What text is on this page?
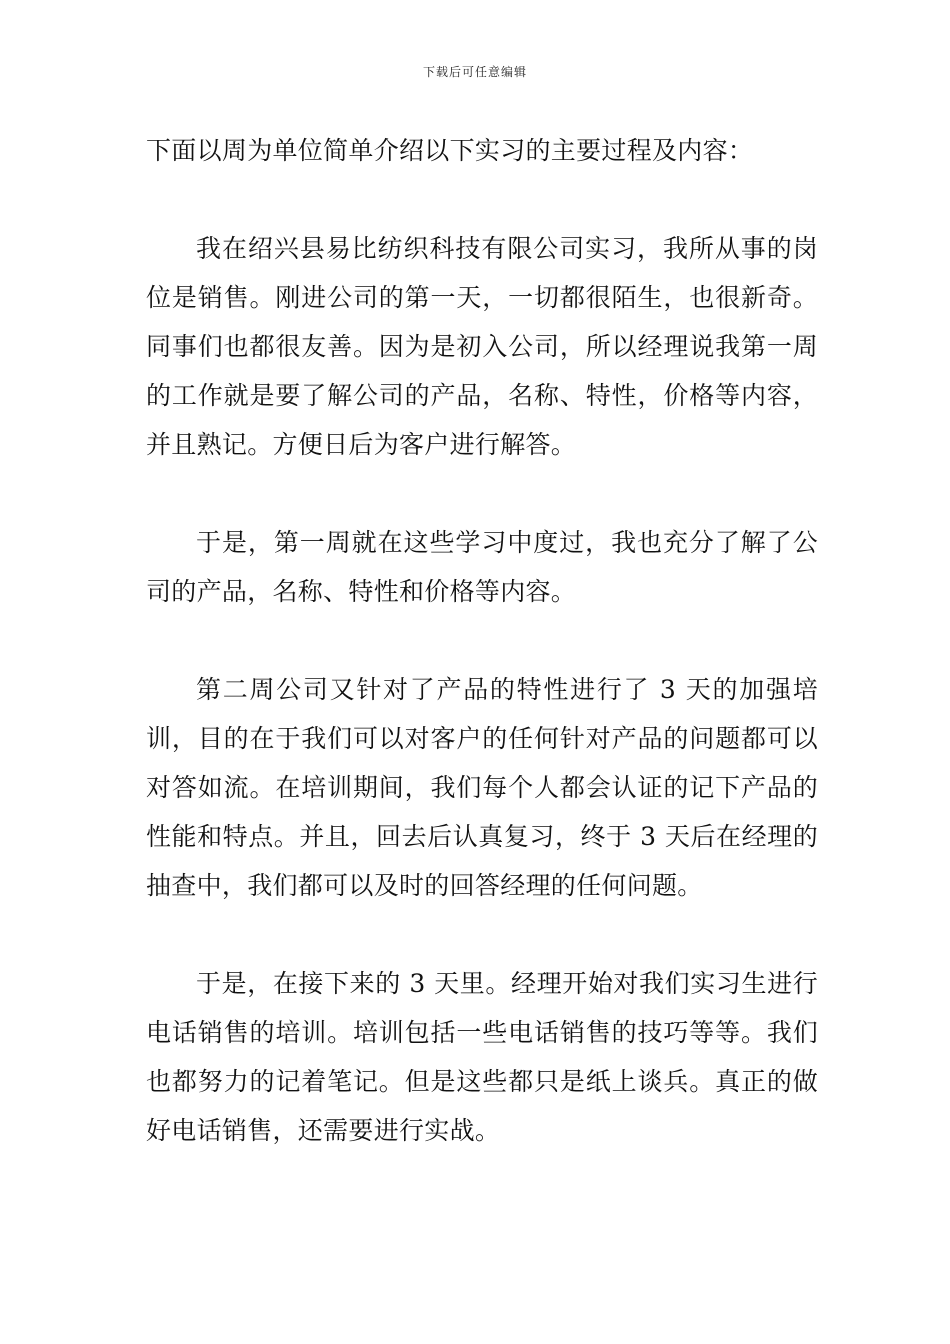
下载后可任意编辑

下面以周为单位简单介绍以下实习的主要过程及内容：

我在绍兴县易比纺织科技有限公司实习，我所从事的岗位是销售。刚进公司的第一天，一切都很陌生，也很新奇。同事们也都很友善。因为是初入公司，所以经理说我第一周的工作就是要了解公司的产品，名称、特性，价格等内容，并且熟记。方便日后为客户进行解答。

于是，第一周就在这些学习中度过，我也充分了解了公司的产品，名称、特性和价格等内容。

第二周公司又针对了产品的特性进行了 3 天的加强培训，目的在于我们可以对客户的任何针对产品的问题都可以对答如流。在培训期间，我们每个人都会认证的记下产品的性能和特点。并且，回去后认真复习，终于 3 天后在经理的抽查中，我们都可以及时的回答经理的任何问题。

于是，在接下来的 3 天里。经理开始对我们实习生进行电话销售的培训。培训包括一些电话销售的技巧等等。我们也都努力的记着笔记。但是这些都只是纸上谈兵。真正的做好电话销售，还需要进行实战。
